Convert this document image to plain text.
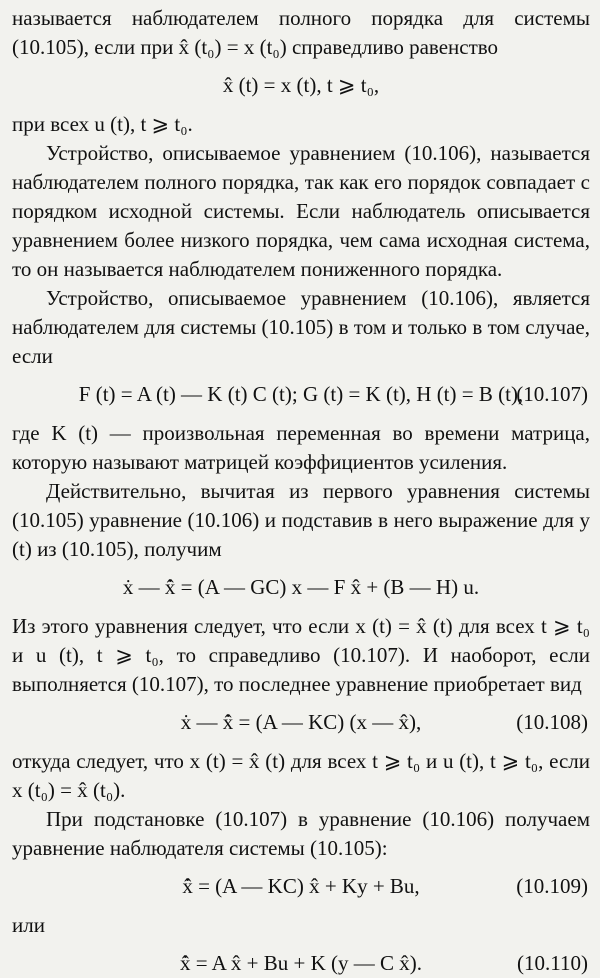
называется наблюдателем полного порядка для системы (10.105), если при x̂ (t₀) = x (t₀) справедливо равенство

x̂ (t) = x (t), t ⩾ t₀,

при всех u (t), t ⩾ t₀.

Устройство, описываемое уравнением (10.106), называется наблюдателем полного порядка, так как его порядок совпадает с порядком исходной системы. Если наблюдатель описывается уравнением более низкого порядка, чем сама исходная система, то он называется наблюдателем пониженного порядка.

Устройство, описываемое уравнением (10.106), является наблюдателем для системы (10.105) в том и только в том случае, если

F (t) = A (t) — K (t) C (t); G (t) = K (t), H (t) = B (t),
(10.107)

где K (t) — произвольная переменная во времени матрица, которую называют матрицей коэффициентов усиления.

Действительно, вычитая из первого уравнения системы (10.105) уравнение (10.106) и подставив в него выражение для y (t) из (10.105), получим

ẋ — x̂̇ = (A — GC) x — F x̂ + (B — H) u.

Из этого уравнения следует, что если x (t) = x̂ (t) для всех t ⩾ t₀ и u (t), t ⩾ t₀, то справедливо (10.107). И наоборот, если выполняется (10.107), то последнее уравнение приобретает вид

ẋ — x̂̇ = (A — KC) (x — x̂),	(10.108)

откуда следует, что x (t) = x̂ (t) для всех t ⩾ t₀ и u (t), t ⩾ t₀, если x (t₀) = x̂ (t₀).

При подстановке (10.107) в уравнение (10.106) получаем уравнение наблюдателя системы (10.105):

x̂̇ = (A — KC) x̂ + Ky + Bu,	(10.109)

или

x̂̇ = A x̂ + Bu + K (y — C x̂).	(10.110)
